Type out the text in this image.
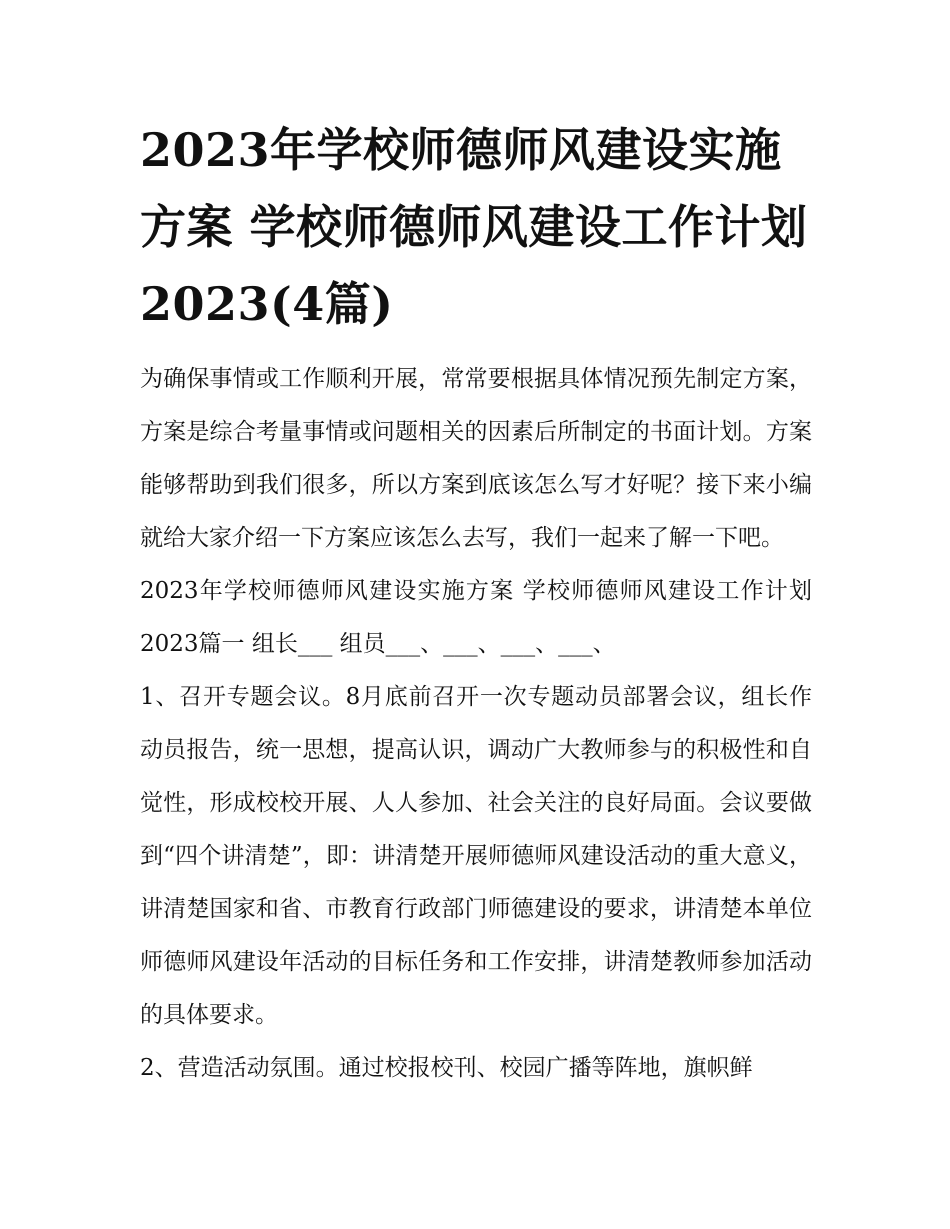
2023年学校师德师风建设实施方案 学校师德师风建设工作计划2023(4篇)

为确保事情或工作顺利开展，常常要根据具体情况预先制定方案，方案是综合考量事情或问题相关的因素后所制定的书面计划。方案能够帮助到我们很多，所以方案到底该怎么写才好呢？接下来小编就给大家介绍一下方案应该怎么去写，我们一起来了解一下吧。

2023年学校师德师风建设实施方案 学校师德师风建设工作计划2023篇一 组长___ 组员___、___、___、___、

1、召开专题会议。8月底前召开一次专题动员部署会议，组长作动员报告，统一思想，提高认识，调动广大教师参与的积极性和自觉性，形成校校开展、人人参加、社会关注的良好局面。会议要做到“四个讲清楚”，即：讲清楚开展师德师风建设活动的重大意义，讲清楚国家和省、市教育行政部门师德建设的要求，讲清楚本单位师德师风建设年活动的目标任务和工作安排，讲清楚教师参加活动的具体要求。

2、营造活动氛围。通过校报校刊、校园广播等阵地，旗帜鲜
